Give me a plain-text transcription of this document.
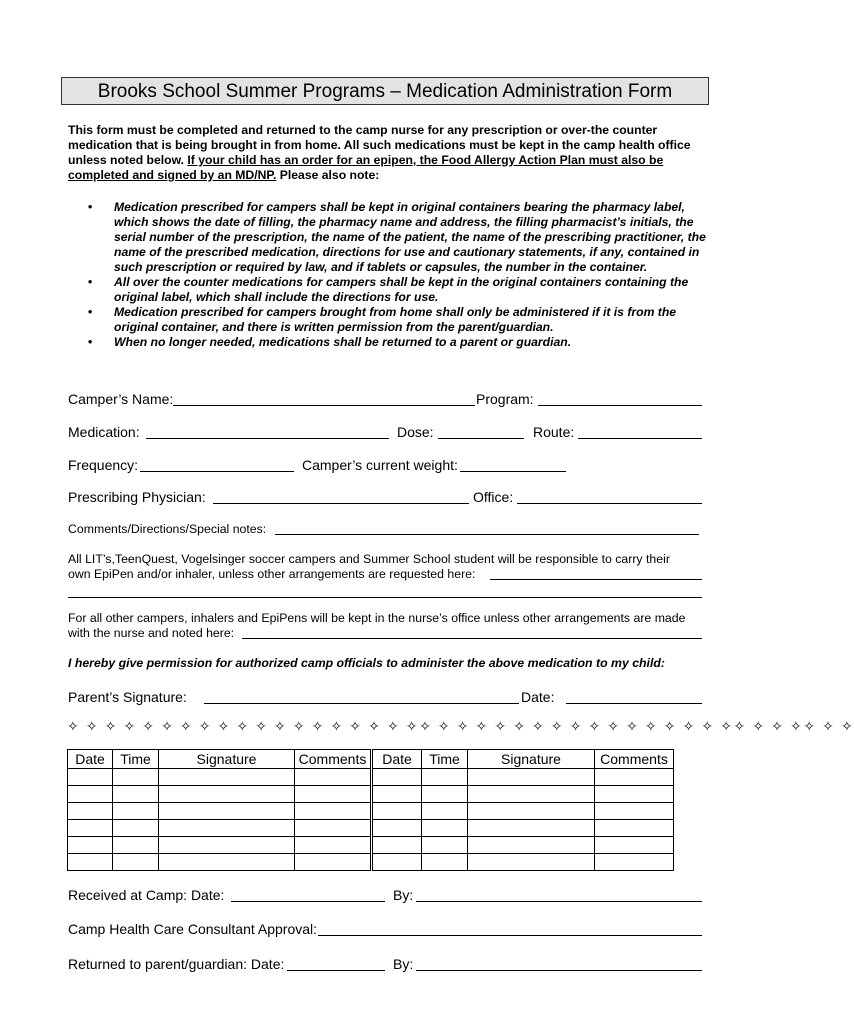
Brooks School Summer Programs – Medication Administration Form
This form must be completed and returned to the camp nurse for any prescription or over-the counter medication that is being brought in from home. All such medications must be kept in the camp health office unless noted below. If your child has an order for an epipen, the Food Allergy Action Plan must also be completed and signed by an MD/NP. Please also note:
• Medication prescribed for campers shall be kept in original containers bearing the pharmacy label, which shows the date of filling, the pharmacy name and address, the filling pharmacist’s initials, the serial number of the prescription, the name of the patient, the name of the prescribing practitioner, the name of the prescribed medication, directions for use and cautionary statements, if any, contained in such prescription or required by law, and if tablets or capsules, the number in the container.
• All over the counter medications for campers shall be kept in the original containers containing the original label, which shall include the directions for use.
• Medication prescribed for campers brought from home shall only be administered if it is from the original container, and there is written permission from the parent/guardian.
• When no longer needed, medications shall be returned to a parent or guardian.
Camper’s Name:	Program:
Medication:	Dose:	Route:
Frequency:	Camper’s current weight:
Prescribing Physician:	Office:
Comments/Directions/Special notes:
All LIT’s,TeenQuest, Vogelsinger soccer campers and Summer School student will be responsible to carry their
own EpiPen and/or inhaler, unless other arrangements are requested here:
For all other campers, inhalers and EpiPens will be kept in the nurse’s office unless other arrangements are made
with the nurse and noted here:
I hereby give permission for authorized camp officials to administer the above medication to my child:
Parent’s Signature:	Date:
✧ ✧ ✧ ✧ ✧ ✧ ✧ ✧ ✧ ✧ ✧ ✧ ✧ ✧ ✧ ✧ ✧ ✧ ✧✧ ✧ ✧ ✧ ✧ ✧ ✧ ✧ ✧ ✧ ✧ ✧ ✧ ✧ ✧ ✧ ✧✧ ✧ ✧ ✧✧ ✧ ✧
Date	Time	Signature	Comments	Date	Time	Signature	Comments

Received at Camp: Date:	By:
Camp Health Care Consultant Approval:
Returned to parent/guardian: Date:	By:
